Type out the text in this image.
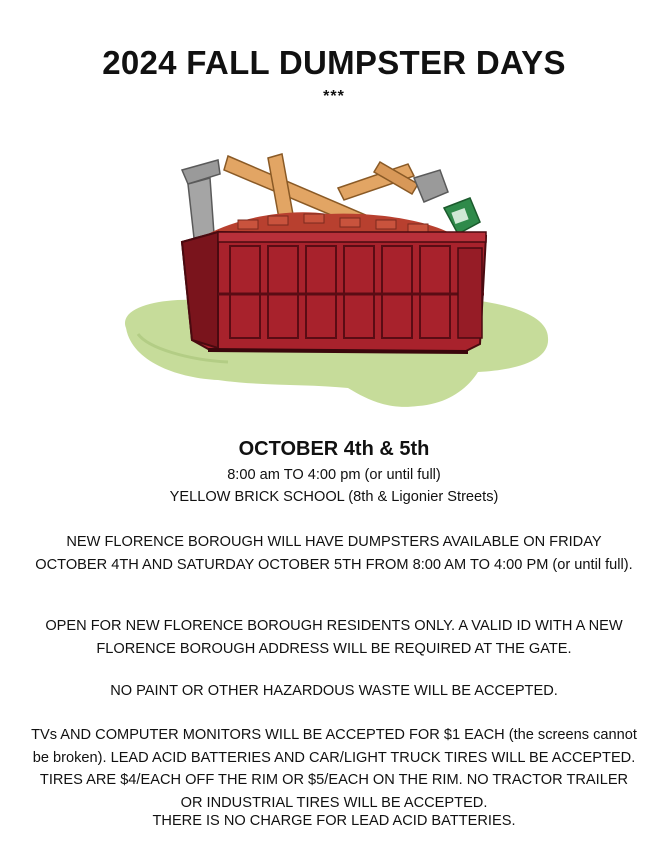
2024 FALL DUMPSTER DAYS
***
OCTOBER 4th & 5th
8:00 am TO 4:00 pm (or until full)
YELLOW BRICK SCHOOL (8th & Ligonier Streets)
NEW FLORENCE BOROUGH WILL HAVE DUMPSTERS AVAILABLE ON FRIDAY OCTOBER 4TH AND SATURDAY OCTOBER 5TH FROM 8:00 AM TO 4:00 PM (or until full).
OPEN FOR NEW FLORENCE BOROUGH RESIDENTS ONLY. A VALID ID WITH A NEW FLORENCE BOROUGH ADDRESS WILL BE REQUIRED AT THE GATE.
NO PAINT OR OTHER HAZARDOUS WASTE WILL BE ACCEPTED.
TVs AND COMPUTER MONITORS WILL BE ACCEPTED FOR $1 EACH (the screens cannot be broken). LEAD ACID BATTERIES AND CAR/LIGHT TRUCK TIRES WILL BE ACCEPTED. TIRES ARE $4/EACH OFF THE RIM OR $5/EACH ON THE RIM. NO TRACTOR TRAILER OR INDUSTRIAL TIRES WILL BE ACCEPTED.
THERE IS NO CHARGE FOR LEAD ACID BATTERIES.
